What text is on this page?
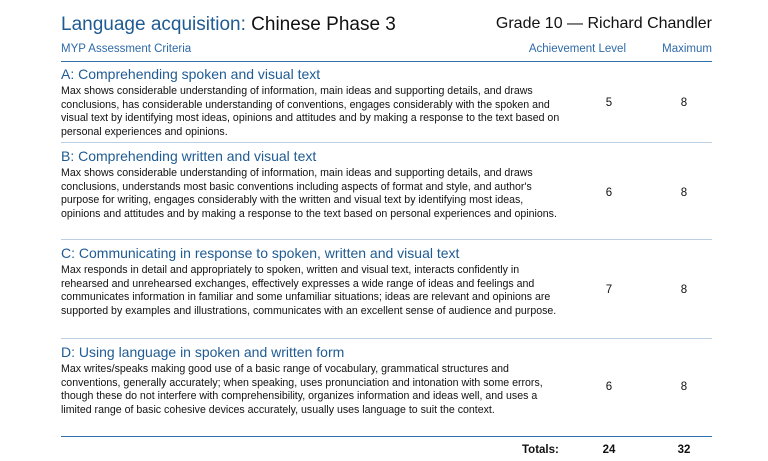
Language acquisition: Chinese Phase 3	Grade 10 — Richard Chandler
MYP Assessment Criteria	Achievement Level	Maximum
A: Comprehending spoken and visual text
Max shows considerable understanding of information, main ideas and supporting details, and draws conclusions, has considerable understanding of conventions, engages considerably with the spoken and visual text by identifying most ideas, opinions and attitudes and by making a response to the text based on personal experiences and opinions.
5	8
B: Comprehending written and visual text
Max shows considerable understanding of information, main ideas and supporting details, and draws conclusions, understands most basic conventions including aspects of format and style, and author's purpose for writing, engages considerably with the written and visual text by identifying most ideas, opinions and attitudes and by making a response to the text based on personal experiences and opinions.
6	8
C: Communicating in response to spoken, written and visual text
Max responds in detail and appropriately to spoken, written and visual text, interacts confidently in rehearsed and unrehearsed exchanges, effectively expresses a wide range of ideas and feelings and communicates information in familiar and some unfamiliar situations; ideas are relevant and opinions are supported by examples and illustrations, communicates with an excellent sense of audience and purpose.
7	8
D: Using language in spoken and written form
Max writes/speaks making good use of a basic range of vocabulary, grammatical structures and conventions, generally accurately; when speaking, uses pronunciation and intonation with some errors, though these do not interfere with comprehensibility, organizes information and ideas well, and uses a limited range of basic cohesive devices accurately, usually uses language to suit the context.
6	8
Totals:	24	32
